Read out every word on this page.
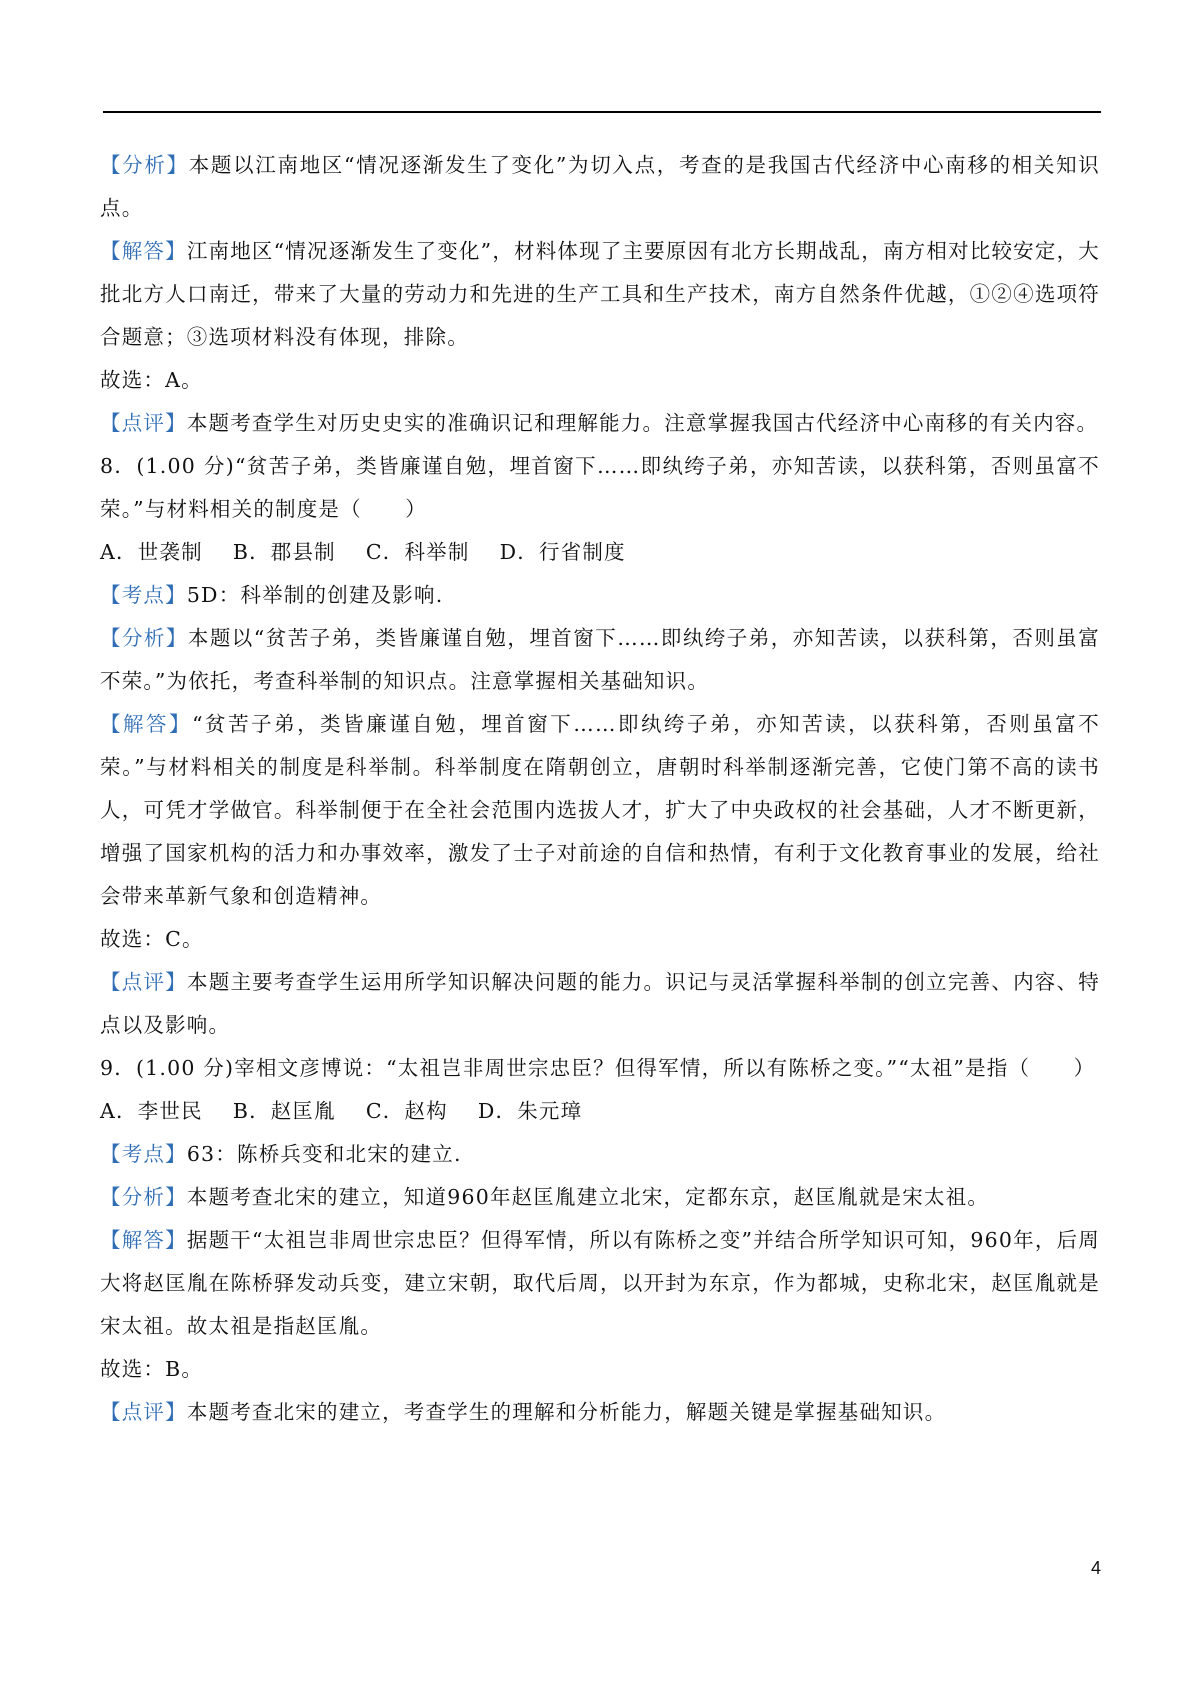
【分析】本题以江南地区“情况逐渐发生了变化”为切入点，考查的是我国古代经济中心南移的相关知识点。

【解答】江南地区“情况逐渐发生了变化”，材料体现了主要原因有北方长期战乱，南方相对比较安定，大批北方人口南迁，带来了大量的劳动力和先进的生产工具和生产技术，南方自然条件优越，①②④选项符合题意；③选项材料没有体现，排除。

故选：A。

【点评】本题考查学生对历史史实的准确识记和理解能力。注意掌握我国古代经济中心南移的有关内容。

8．(1.00 分)“贫苦子弟，类皆廉谨自勉，埋首窗下……即纨绔子弟，亦知苦读，以获科第，否则虽富不荣。”与材料相关的制度是（　　）

A．世袭制 B．郡县制 C．科举制 D．行省制度

【考点】5D：科举制的创建及影响.

【分析】本题以“贫苦子弟，类皆廉谨自勉，埋首窗下……即纨绔子弟，亦知苦读，以获科第，否则虽富不荣。”为依托，考查科举制的知识点。注意掌握相关基础知识。

【解答】“贫苦子弟，类皆廉谨自勉，埋首窗下……即纨绔子弟，亦知苦读，以获科第，否则虽富不荣。”与材料相关的制度是科举制。科举制度在隋朝创立，唐朝时科举制逐渐完善，它使门第不高的读书人，可凭才学做官。科举制便于在全社会范围内选拔人才，扩大了中央政权的社会基础，人才不断更新，增强了国家机构的活力和办事效率，激发了士子对前途的自信和热情，有利于文化教育事业的发展，给社会带来革新气象和创造精神。

故选：C。

【点评】本题主要考查学生运用所学知识解决问题的能力。识记与灵活掌握科举制的创立完善、内容、特点以及影响。

9．(1.00 分)宰相文彦博说：“太祖岂非周世宗忠臣？但得军情，所以有陈桥之变。”“太祖”是指（　　）

A．李世民 B．赵匡胤 C．赵构 D．朱元璋

【考点】63：陈桥兵变和北宋的建立.

【分析】本题考查北宋的建立，知道960年赵匡胤建立北宋，定都东京，赵匡胤就是宋太祖。

【解答】据题干“太祖岂非周世宗忠臣？但得军情，所以有陈桥之变”并结合所学知识可知，960年，后周大将赵匡胤在陈桥驿发动兵变，建立宋朝，取代后周，以开封为东京，作为都城，史称北宋，赵匡胤就是宋太祖。故太祖是指赵匡胤。

故选：B。

【点评】本题考查北宋的建立，考查学生的理解和分析能力，解题关键是掌握基础知识。

4
